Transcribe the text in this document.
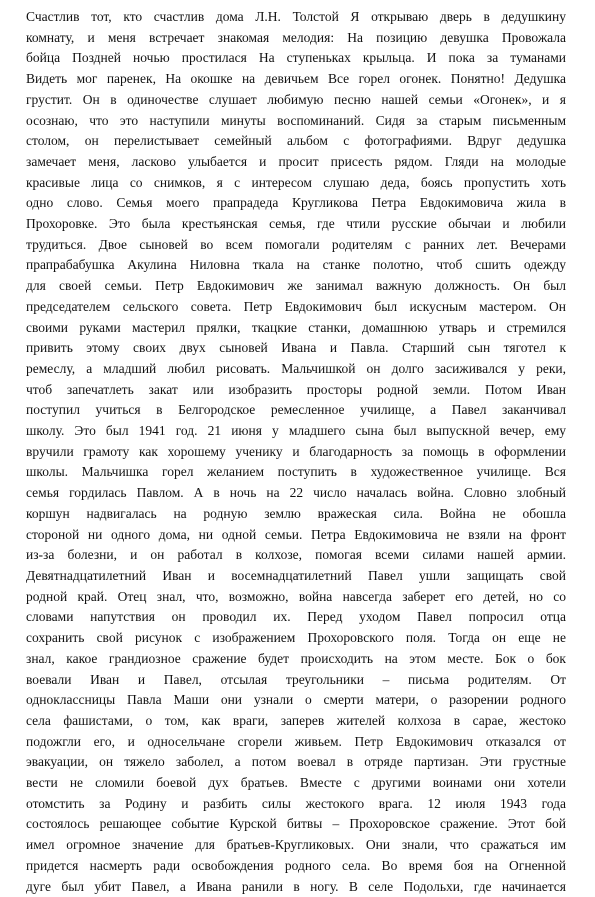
Счастлив тот, кто счастлив дома Л.Н. Толстой Я открываю дверь в дедушкину
комнату, и меня встречает знакомая мелодия: На позицию девушка Провожала
бойца Поздней ночью простилася На ступеньках крыльца. И пока за туманами
Видеть мог паренек, На окошке на девичьем Все горел огонек. Понятно! Дедушка
грустит. Он в одиночестве слушает любимую песню нашей семьи «Огонек», и я
осознаю, что это наступили минуты воспоминаний. Сидя за старым письменным
столом, он перелистывает семейный альбом с фотографиями. Вдруг дедушка
замечает меня, ласково улыбается и просит присесть рядом. Гляди на молодые
красивые лица со снимков, я с интересом слушаю деда, боясь пропустить хоть
одно слово. Семья моего прапрадеда Кругликова Петра Евдокимовича жила в
Прохоровке. Это была крестьянская семья, где чтили русские обычаи и любили
трудиться. Двое сыновей во всем помогали родителям с ранних лет. Вечерами
прапрабабушка Акулина Ниловна ткала на станке полотно, чтоб сшить одежду
для своей семьи. Петр Евдокимович же занимал важную должность. Он был
председателем сельского совета. Петр Евдокимович был искусным мастером. Он
своими руками мастерил прялки, ткацкие станки, домашнюю утварь и стремился
привить этому своих двух сыновей Ивана и Павла. Старший сын тяготел к
ремеслу, а младший любил рисовать. Мальчишкой он долго засиживался у реки,
чтоб запечатлеть закат или изобразить просторы родной земли. Потом Иван
поступил учиться в Белгородское ремесленное училище, а Павел заканчивал
школу. Это был 1941 год. 21 июня у младшего сына был выпускной вечер, ему
вручили грамоту как хорошему ученику и благодарность за помощь в оформлении
школы. Мальчишка горел желанием поступить в художественное училище. Вся
семья гордилась Павлом. А в ночь на 22 число началась война. Словно злобный
коршун надвигалась на родную землю вражеская сила. Война не обошла
стороной ни одного дома, ни одной семьи. Петра Евдокимовича не взяли на фронт
из-за болезни, и он работал в колхозе, помогая всеми силами нашей армии.
Девятнадцатилетний Иван и восемнадцатилетний Павел ушли защищать свой
родной край. Отец знал, что, возможно, война навсегда заберет его детей, но со
словами напутствия он проводил их. Перед уходом Павел попросил отца
сохранить свой рисунок с изображением Прохоровского поля. Тогда он еще не
знал, какое грандиозное сражение будет происходить на этом месте. Бок о бок
воевали Иван и Павел, отсылая треугольники – письма родителям. От
одноклассницы Павла Маши они узнали о смерти матери, о разорении родного
села фашистами, о том, как враги, заперев жителей колхоза в сарае, жестоко
подожгли его, и односельчане сгорели живьем. Петр Евдокимович отказался от
эвакуации, он тяжело заболел, а потом воевал в отряде партизан. Эти грустные
вести не сломили боевой дух братьев. Вместе с другими воинами они хотели
отомстить за Родину и разбить силы жестокого врага. 12 июля 1943 года
состоялось решающее событие Курской битвы – Прохоровское сражение. Этот бой
имел огромное значение для братьев-Кругликовых. Они знали, что сражаться им
придется насмерть ради освобождения родного села. Во время боя на Огненной
дуге был убит Павел, а Ивана ранили в ногу. В селе Подольхи, где начинается
